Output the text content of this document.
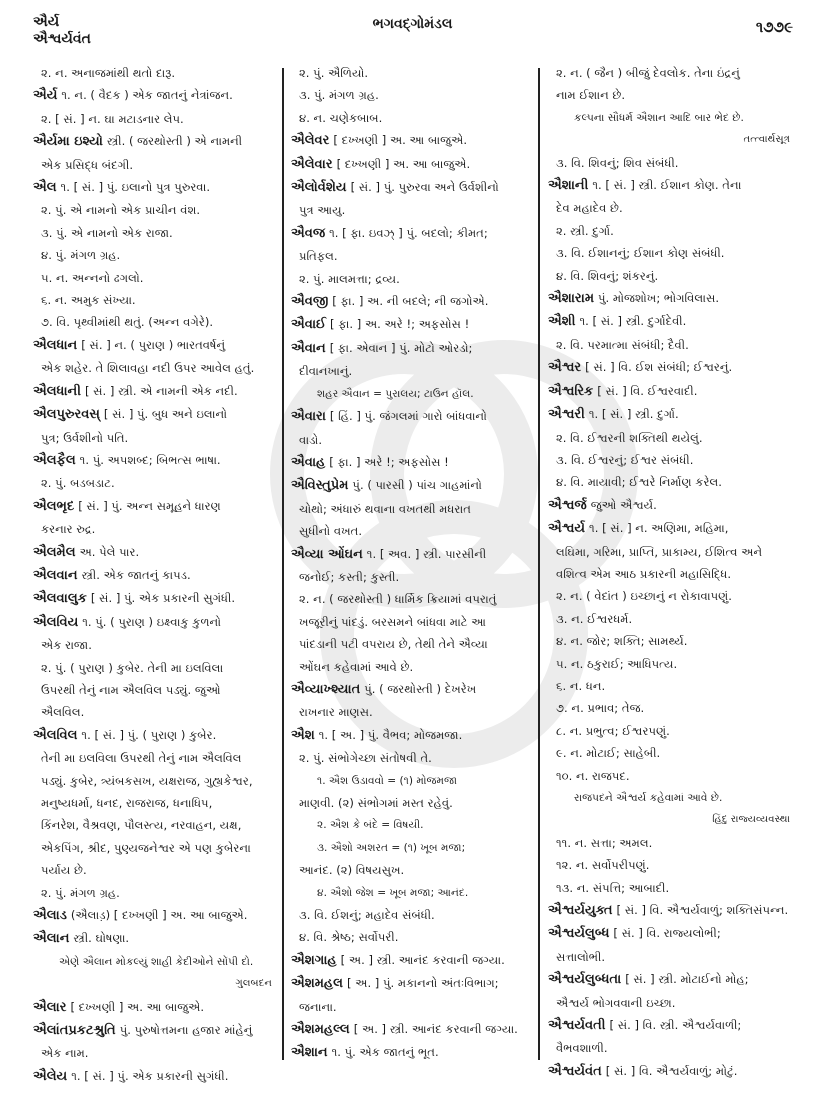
ઐર્ય
ઐશ્વર્યવંત
ભગવદ્ગોમંડલ	૧૭૭૯
૨. ન. અનાજમાંથી થતો દારૂ.
ઐર્ય ૧. ન. ( વૈદક ) એક જાતનું નેત્રાંજન.
૨. [ સં. ] ન. ઘા મટાડનાર લેપ.
ઐર્યમા ઇશ્યો સ્ત્રી. ( જરથોસ્તી ) એ નામની
એક પ્રસિદ્ધ બંદગી.
ઐલ ૧. [ સં. ] પું. ઇલાનો પુત્ર પુરુરવા.
૨. પું. એ નામનો એક પ્રાચીન વંશ.
૩. પું. એ નામનો એક રાજા.
૪. પું. મંગળ ગ્રહ.
૫. ન. અન્નનો ઢગલો.
૬. ન. અમુક સંખ્યા.
૭. વિ. પૃથ્વીમાંથી થતું. (અન્ન વગેરે).
ઐલધાન [ સં. ] ન. ( પુરાણ ) ભારતવર્ષનું
એક શહેર. તે શિલાવહા નદી ઉપર આવેલ હતું.
ઐલધાની [ સં. ] સ્ત્રી. એ નામની એક નદી.
ઐલપુરુરવસ્ [ સં. ] પું. બુધ અને ઇલાનો
પુત્ર; ઉર્વશીનો પતિ.
ઐલફૈલ ૧. પું. અપશબ્દ; બિભત્સ ભાષા.
૨. પું. બડબડાટ.
ઐલભૃદ [ સં. ] પું. અન્ન સમૂહને ધારણ
કરનાર રુદ્ર.
ઐલમૈલ અ. પેલે પાર.
ઐલવાન સ્ત્રી. એક જાતનું કાપડ.
ઐલવાલુક [ સં. ] પું. એક પ્રકારની સુગંધી.
ઐલવિય ૧. પું. ( પુરાણ ) ઇક્ષ્વાકુ કુળનો
એક રાજા.
૨. પું. ( પુરાણ ) કુબેર. તેની મા ઇલવિલા
ઉપરથી તેનું નામ ઐલવિલ પડ્યું. જુઓ
ઐલવિલ.
ઐલવિલ ૧. [ સં. ] પું. ( પુરાણ ) કુબેર.
તેની મા ઇલવિલા ઉપરથી તેનું નામ ઐલવિલ
પડ્યું. કુબેર, ત્ર્યંબકસખ, યક્ષરાજ, ગુહ્યકેશ્વર,
મનુષ્યધર્મા, ધનદ, રાજરાજ, ધનાધિપ,
કિંનરેશ, વૈશ્રવણ, પૌલસ્ત્ય, નરવાહન, યક્ષ,
એકપિંગ, શ્રીદ, પુણ્યજનેશ્વર એ પણ કુબેરના
પર્યાય છે.
૨. પું. મંગળ ગ્રહ.
ઐલાડ (ઐલાડ઼) [ દખ્ખણી ] અ. આ બાજુએ.
ઐલાન સ્ત્રી. ઘોષણા.
એણે ઐલાન મોકલ્યું શાહી કેદીઓને સોંપી દો.
ગુલબદન
ઐલાર [ દખ્ખણી ] અ. આ બાજુએ.
ઐલાંતપ્રકટશ્રુતિ પું. પુરુષોત્તમના હજાર માંહેનું
એક નામ.
ઐલેય ૧. [ સં. ] પું. એક પ્રકારની સુગંધી.
૨. પું. ઐળિયો.
૩. પું. મંગળ ગ્રહ.
૪. ન. ચણેકબાબ.
ઐલેવર [ દખ્ખણી ] અ. આ બાજુએ.
ઐલેવાર [ દખ્ખણી ] અ. આ બાજુએ.
ઐલોર્વશેય [ સં. ] પું. પુરુરવા અને ઉર્વશીનો
પુત્ર આયુ.
ઐવજ ૧. [ ફા. ઇવઝ્ ] પું. બદલો; કીમત;
પ્રતિફલ.
૨. પું. માલમત્તા; દ્રવ્ય.
ઐવજી [ ફા. ] અ. ની બદલે; ની જગોએ.
ઐવાઈ [ ફા. ] અ. અરે !; અફસોસ !
ઐવાન [ ફા. એવાન ] પું. મોટો ઓરડો;
દીવાનખાનું.
શહર ઐવાન = પુરાલય; ટાઉન હૉલ.
ઐવારા [ હિં. ] પું. જંગલમાં ગારો બાંધવાનો
વાડો.
ઐવાહ [ ફા. ] અરે !; અફસોસ !
ઐવિસ્તુપ્રેમ પું. ( પારસી ) પાંચ ગાહમાંનો
ચોથો; અંધારું થવાના વખતથી મધરાત
સુધીનો વખત.
ઐવ્યા ઓંઘન ૧. [ અવ. ] સ્ત્રી. પારસીની
જનોઈ; કસ્તી; કુસ્તી.
૨. ન. ( જરથોસ્તી ) ધાર્મિક ક્રિયામાં વપરાતું
ખજૂરીનું પાંદડું. બરસમને બાંધવા માટે આ
પાંદડાની પટી વપરાય છે, તેથી તેને ઐવ્યા
ઓંઘન કહેવામાં આવે છે.
ઐવ્યાખ્શ્યાત પું. ( જરથોસ્તી ) દેખરેખ
રાખનાર માણસ.
ઐશ ૧. [ અ. ] પું. વૈભવ; મોજમજા.
૨. પું. સંભોગેચ્છા સંતોષવી તે.
૧. ઐશ ઉડાવવો = (૧) મોજમજા
માણવી. (૨) સંભોગમાં મસ્ત રહેવું.
૨. ઐશ કે બંદે = વિષયી.
૩. ઐશો અશરત = (૧) ખૂબ મજા;
આનંદ. (૨) વિષયસુખ.
૪. ઐશો જેશ = ખૂબ મજા; આનંદ.
૩. વિ. ઈશનું; મહાદેવ સંબંધી.
૪. વિ. શ્રેષ્ઠ; સર્વોપરી.
ઐશગાહ [ અ. ] સ્ત્રી. આનંદ કરવાની જગ્યા.
ઐશમહલ [ અ. ] પું. મકાનનો અંતઃવિભાગ;
જનાના.
ઐશમહલ્લ [ અ. ] સ્ત્રી. આનંદ કરવાની જગ્યા.
ઐશાન ૧. પું. એક જાતનું ભૂત.
૨. ન. ( જૈન ) બીજું દેવલોક. તેના ઇંદ્રનું
નામ ઈશાન છે.
કલ્પના સૌધર્મ ઐશાન આદિ બાર ભેદ છે.
તત્ત્વાર્થસૂત્ર
૩. વિ. શિવનું; શિવ સંબંધી.
ઐશાની ૧. [ સં. ] સ્ત્રી. ઈશાન કોણ. તેના
દેવ મહાદેવ છે.
૨. સ્ત્રી. દુર્ગા.
૩. વિ. ઈશાનનું; ઈશાન કોણ સંબંધી.
૪. વિ. શિવનું; શંકરનું.
ઐશારામ પું. મોજશોખ; ભોગવિલાસ.
ઐશી ૧. [ સં. ] સ્ત્રી. દુર્ગાદેવી.
૨. વિ. પરમાત્મા સંબંધી; દૈવી.
ઐશ્વર [ સં. ] વિ. ઈશ સંબંધી; ઈશ્વરનું.
ઐશ્વરિક [ સં. ] વિ. ઈશ્વરવાદી.
ઐશ્વરી ૧. [ સં. ] સ્ત્રી. દુર્ગા.
૨. વિ. ઈશ્વરની શક્તિથી થયેલું.
૩. વિ. ઈશ્વરનું; ઈશ્વર સંબંધી.
૪. વિ. માયાવી; ઈશ્વરે નિર્માણ કરેલ.
ઐશ્વર્જ જુઓ ઐશ્વર્ય.
ઐશ્વર્ય ૧. [ સં. ] ન. અણિમા, મહિમા,
લઘિમા, ગરિમા, પ્રાપ્તિ, પ્રાકામ્ય, ઈશિત્વ અને
વશિત્વ એમ આઠ પ્રકારની મહાસિદ્ધિ.
૨. ન. ( વેદાંત ) ઇચ્છાનું ન રોકાવાપણું.
૩. ન. ઈશ્વરધર્મ.
૪. ન. જોર; શક્તિ; સામર્થ્ય.
૫. ન. ઠકુરાઈ; આધિપત્ય.
૬. ન. ધન.
૭. ન. પ્રભાવ; તેજ.
૮. ન. પ્રભુત્વ; ઈશ્વરપણું.
૯. ન. મોટાઈ; સાહેબી.
૧૦. ન. રાજપદ.
રાજપદને ઐશ્વર્ય કહેવામાં આવે છે.
હિંદુ રાજ્યવ્યવસ્થા
૧૧. ન. સત્તા; અમલ.
૧૨. ન. સર્વોપરીપણું.
૧૩. ન. સંપત્તિ; આબાદી.
ઐશ્વર્યયુક્ત [ સં. ] વિ. ઐશ્વર્યવાળું; શક્તિસંપન્ન.
ઐશ્વર્યલુબ્ધ [ સં. ] વિ. રાજ્યલોભી;
સત્તાલોભી.
ઐશ્વર્યલુબ્ધતા [ સં. ] સ્ત્રી. મોટાઈનો મોહ;
ઐશ્વર્ય ભોગવવાની ઇચ્છા.
ઐશ્વર્યવતી [ સં. ] વિ. સ્ત્રી. ઐશ્વર્યવાળી;
વૈભવશાળી.
ઐશ્વર્યવંત [ સં. ] વિ. ઐશ્વર્યવાળું; મોટું.
